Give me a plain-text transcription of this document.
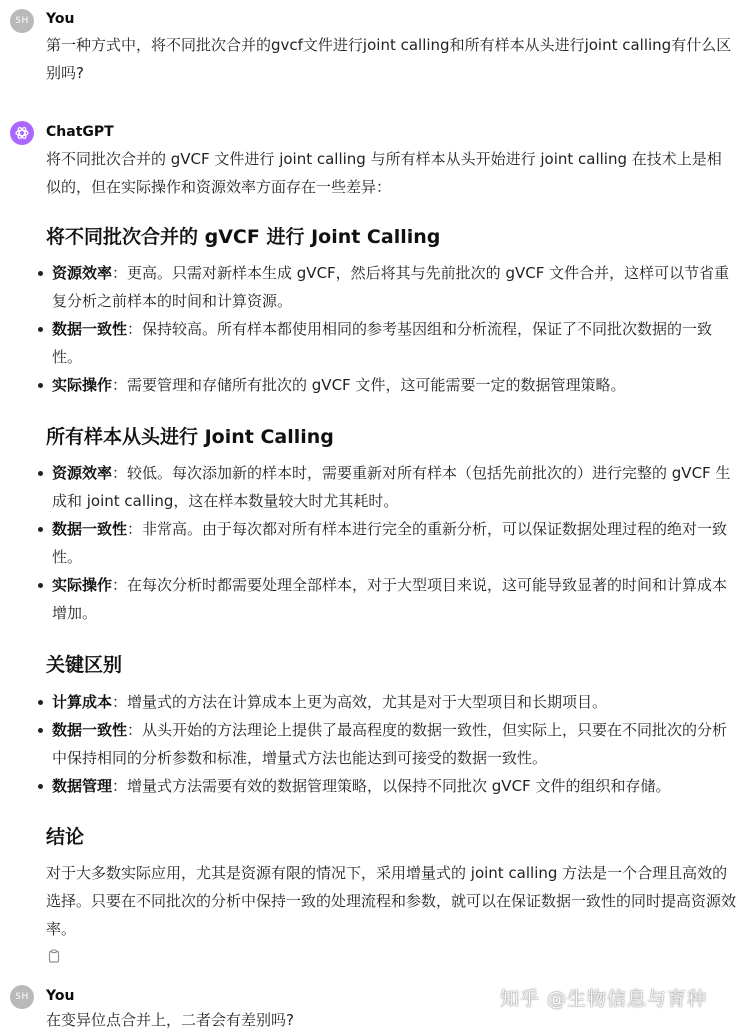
SH	You
第一种方式中，将不同批次合并的gvcf文件进行joint calling和所有样本从头进行joint calling有什么区别吗?
ChatGPT
将不同批次合并的 gVCF 文件进行 joint calling 与所有样本从头开始进行 joint calling 在技术上是相似的，但在实际操作和资源效率方面存在一些差异：
将不同批次合并的 gVCF 进行 Joint Calling
资源效率：更高。只需对新样本生成 gVCF，然后将其与先前批次的 gVCF 文件合并，这样可以节省重复分析之前样本的时间和计算资源。
数据一致性：保持较高。所有样本都使用相同的参考基因组和分析流程，保证了不同批次数据的一致性。
实际操作：需要管理和存储所有批次的 gVCF 文件，这可能需要一定的数据管理策略。
所有样本从头进行 Joint Calling
资源效率：较低。每次添加新的样本时，需要重新对所有样本（包括先前批次的）进行完整的 gVCF 生成和 joint calling，这在样本数量较大时尤其耗时。
数据一致性：非常高。由于每次都对所有样本进行完全的重新分析，可以保证数据处理过程的绝对一致性。
实际操作：在每次分析时都需要处理全部样本，对于大型项目来说，这可能导致显著的时间和计算成本增加。
关键区别
计算成本：增量式的方法在计算成本上更为高效，尤其是对于大型项目和长期项目。
数据一致性：从头开始的方法理论上提供了最高程度的数据一致性，但实际上，只要在不同批次的分析中保持相同的分析参数和标准，增量式方法也能达到可接受的数据一致性。
数据管理：增量式方法需要有效的数据管理策略，以保持不同批次 gVCF 文件的组织和存储。
结论
对于大多数实际应用，尤其是资源有限的情况下，采用增量式的 joint calling 方法是一个合理且高效的选择。只要在不同批次的分析中保持一致的处理流程和参数，就可以在保证数据一致性的同时提高资源效率。
SH	You
在变异位点合并上，二者会有差别吗?
知乎 @生物信息与育种
